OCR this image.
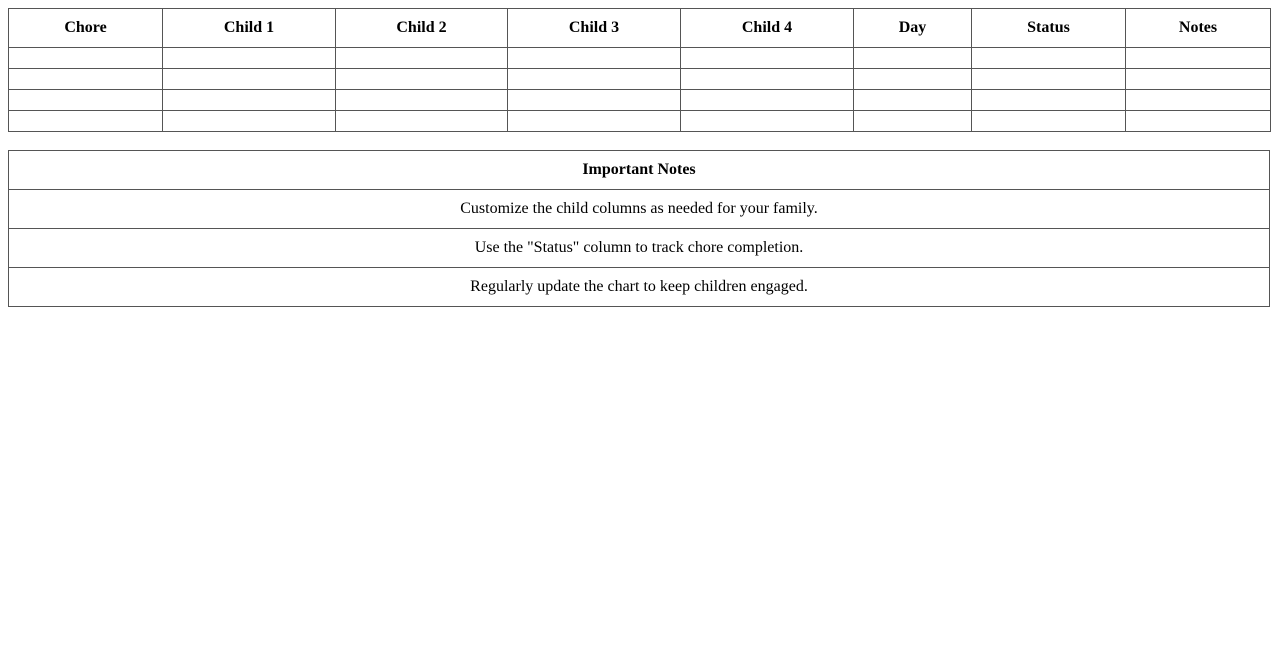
Chore	Child 1	Child 2	Child 3	Child 4	Day	Status	Notes

Important Notes
Customize the child columns as needed for your family.
Use the "Status" column to track chore completion.
Regularly update the chart to keep children engaged.
